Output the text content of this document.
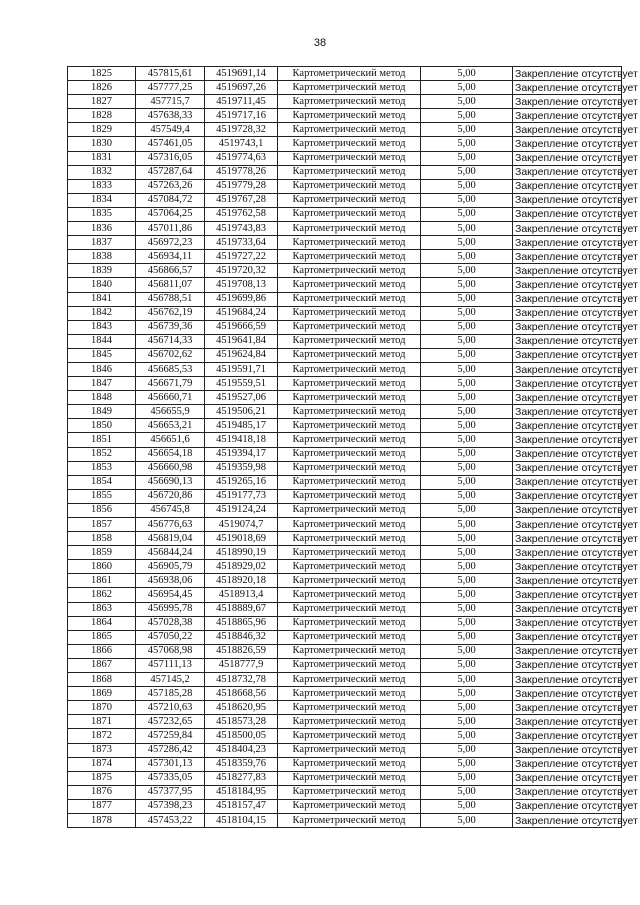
38
1825	457815,61	4519691,14	Картометрический метод	5,00	Закрепление отсутствует
1826	457777,25	4519697,26	Картометрический метод	5,00	Закрепление отсутствует
1827	457715,7	4519711,45	Картометрический метод	5,00	Закрепление отсутствует
1828	457638,33	4519717,16	Картометрический метод	5,00	Закрепление отсутствует
1829	457549,4	4519728,32	Картометрический метод	5,00	Закрепление отсутствует
1830	457461,05	4519743,1	Картометрический метод	5,00	Закрепление отсутствует
1831	457316,05	4519774,63	Картометрический метод	5,00	Закрепление отсутствует
1832	457287,64	4519778,26	Картометрический метод	5,00	Закрепление отсутствует
1833	457263,26	4519779,28	Картометрический метод	5,00	Закрепление отсутствует
1834	457084,72	4519767,28	Картометрический метод	5,00	Закрепление отсутствует
1835	457064,25	4519762,58	Картометрический метод	5,00	Закрепление отсутствует
1836	457011,86	4519743,83	Картометрический метод	5,00	Закрепление отсутствует
1837	456972,23	4519733,64	Картометрический метод	5,00	Закрепление отсутствует
1838	456934,11	4519727,22	Картометрический метод	5,00	Закрепление отсутствует
1839	456866,57	4519720,32	Картометрический метод	5,00	Закрепление отсутствует
1840	456811,07	4519708,13	Картометрический метод	5,00	Закрепление отсутствует
1841	456788,51	4519699,86	Картометрический метод	5,00	Закрепление отсутствует
1842	456762,19	4519684,24	Картометрический метод	5,00	Закрепление отсутствует
1843	456739,36	4519666,59	Картометрический метод	5,00	Закрепление отсутствует
1844	456714,33	4519641,84	Картометрический метод	5,00	Закрепление отсутствует
1845	456702,62	4519624,84	Картометрический метод	5,00	Закрепление отсутствует
1846	456685,53	4519591,71	Картометрический метод	5,00	Закрепление отсутствует
1847	456671,79	4519559,51	Картометрический метод	5,00	Закрепление отсутствует
1848	456660,71	4519527,06	Картометрический метод	5,00	Закрепление отсутствует
1849	456655,9	4519506,21	Картометрический метод	5,00	Закрепление отсутствует
1850	456653,21	4519485,17	Картометрический метод	5,00	Закрепление отсутствует
1851	456651,6	4519418,18	Картометрический метод	5,00	Закрепление отсутствует
1852	456654,18	4519394,17	Картометрический метод	5,00	Закрепление отсутствует
1853	456660,98	4519359,98	Картометрический метод	5,00	Закрепление отсутствует
1854	456690,13	4519265,16	Картометрический метод	5,00	Закрепление отсутствует
1855	456720,86	4519177,73	Картометрический метод	5,00	Закрепление отсутствует
1856	456745,8	4519124,24	Картометрический метод	5,00	Закрепление отсутствует
1857	456776,63	4519074,7	Картометрический метод	5,00	Закрепление отсутствует
1858	456819,04	4519018,69	Картометрический метод	5,00	Закрепление отсутствует
1859	456844,24	4518990,19	Картометрический метод	5,00	Закрепление отсутствует
1860	456905,79	4518929,02	Картометрический метод	5,00	Закрепление отсутствует
1861	456938,06	4518920,18	Картометрический метод	5,00	Закрепление отсутствует
1862	456954,45	4518913,4	Картометрический метод	5,00	Закрепление отсутствует
1863	456995,78	4518889,67	Картометрический метод	5,00	Закрепление отсутствует
1864	457028,38	4518865,96	Картометрический метод	5,00	Закрепление отсутствует
1865	457050,22	4518846,32	Картометрический метод	5,00	Закрепление отсутствует
1866	457068,98	4518826,59	Картометрический метод	5,00	Закрепление отсутствует
1867	457111,13	4518777,9	Картометрический метод	5,00	Закрепление отсутствует
1868	457145,2	4518732,78	Картометрический метод	5,00	Закрепление отсутствует
1869	457185,28	4518668,56	Картометрический метод	5,00	Закрепление отсутствует
1870	457210,63	4518620,95	Картометрический метод	5,00	Закрепление отсутствует
1871	457232,65	4518573,28	Картометрический метод	5,00	Закрепление отсутствует
1872	457259,84	4518500,05	Картометрический метод	5,00	Закрепление отсутствует
1873	457286,42	4518404,23	Картометрический метод	5,00	Закрепление отсутствует
1874	457301,13	4518359,76	Картометрический метод	5,00	Закрепление отсутствует
1875	457335,05	4518277,83	Картометрический метод	5,00	Закрепление отсутствует
1876	457377,95	4518184,95	Картометрический метод	5,00	Закрепление отсутствует
1877	457398,23	4518157,47	Картометрический метод	5,00	Закрепление отсутствует
1878	457453,22	4518104,15	Картометрический метод	5,00	Закрепление отсутствует
